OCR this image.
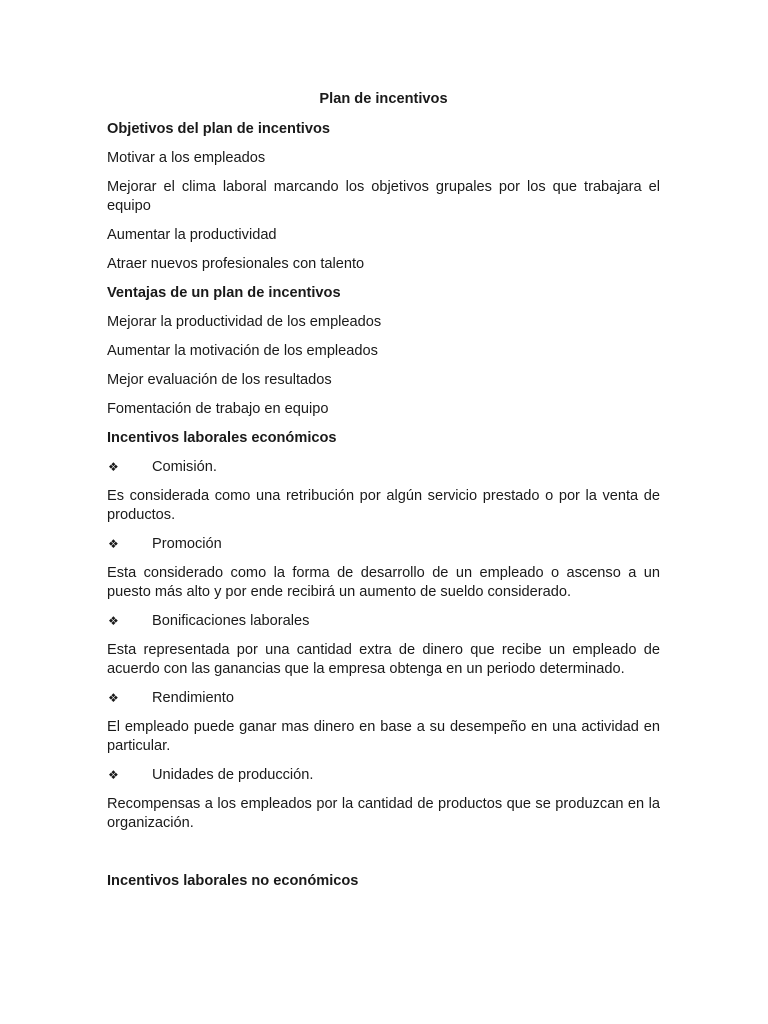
Plan de incentivos
Objetivos del plan de incentivos
Motivar a los empleados
Mejorar el clima laboral marcando los objetivos grupales por los que trabajara el equipo
Aumentar la productividad
Atraer nuevos profesionales con talento
Ventajas de un plan de incentivos
Mejorar la productividad de los empleados
Aumentar la motivación de los empleados
Mejor evaluación de los resultados
Fomentación de trabajo en equipo
Incentivos laborales económicos
❖	Comisión.
Es considerada como una retribución por algún servicio prestado o por la venta de productos.
❖	Promoción
Esta considerado como la forma de desarrollo de un empleado o ascenso a un puesto más alto y por ende recibirá un aumento de sueldo considerado.
❖	Bonificaciones laborales
Esta representada por una cantidad extra de dinero que recibe un empleado de acuerdo con las ganancias que la empresa obtenga en un periodo determinado.
❖	Rendimiento
El empleado puede ganar mas dinero en base a su desempeño en una actividad en particular.
❖	Unidades de producción.
Recompensas a los empleados por la cantidad de productos que se produzcan en la organización.
Incentivos laborales no económicos
